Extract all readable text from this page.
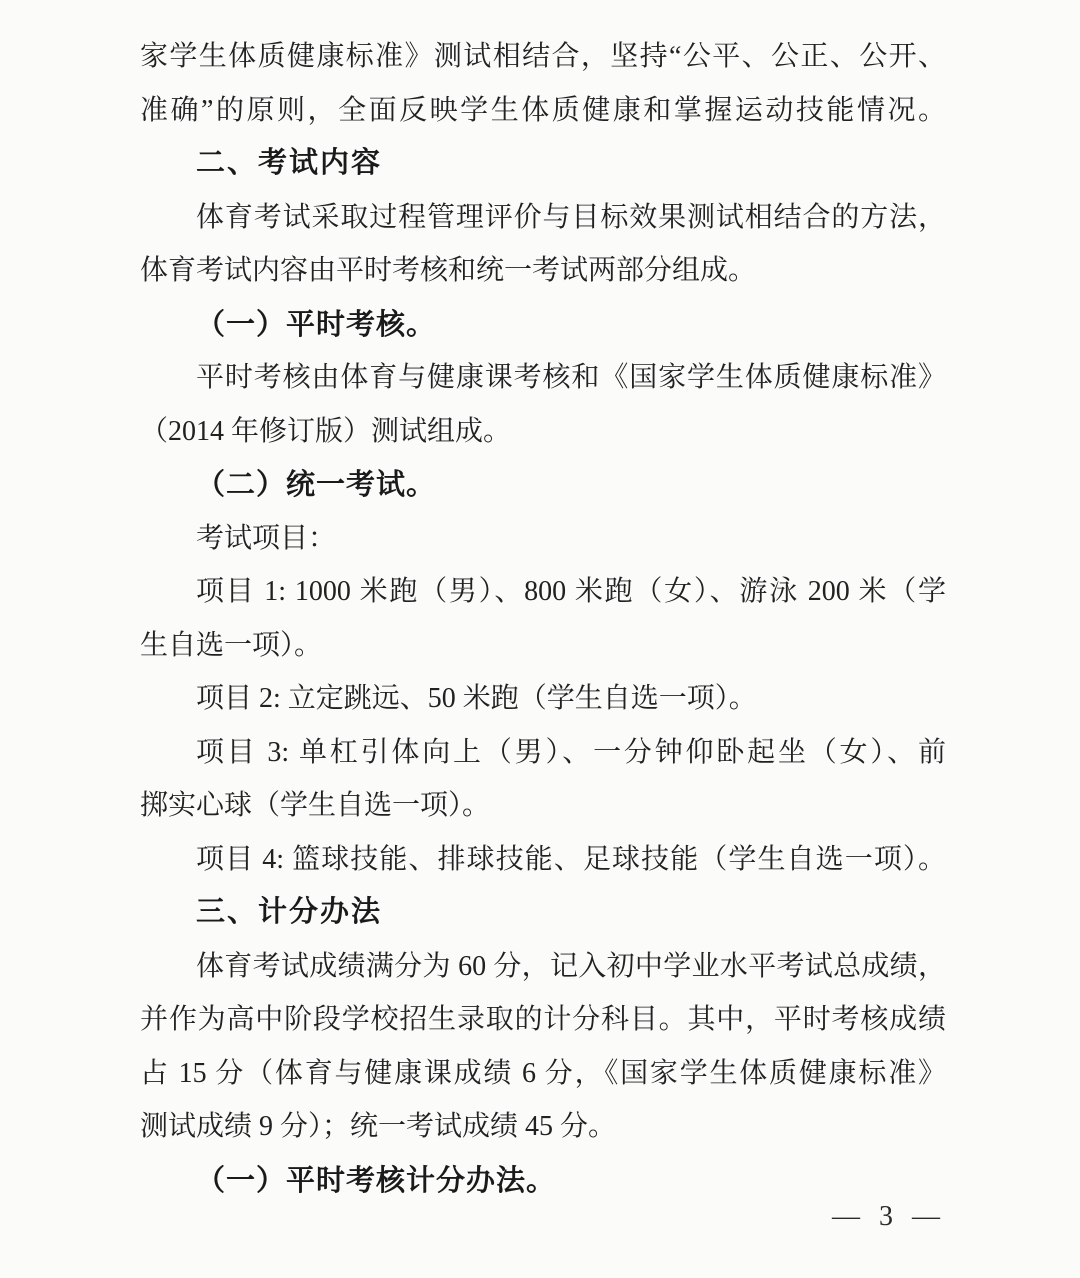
家学生体质健康标准》测试相结合，坚持“公平、公正、公开、
准确”的原则，全面反映学生体质健康和掌握运动技能情况。
二、考试内容
体育考试采取过程管理评价与目标效果测试相结合的方法，
体育考试内容由平时考核和统一考试两部分组成。
（一）平时考核。
平时考核由体育与健康课考核和《国家学生体质健康标准》
（2014 年修订版）测试组成。
（二）统一考试。
考试项目：
项目 1: 1000 米跑（男）、800 米跑（女）、游泳 200 米（学
生自选一项）。
项目 2: 立定跳远、50 米跑（学生自选一项）。
项目 3: 单杠引体向上（男）、一分钟仰卧起坐（女）、前
掷实心球（学生自选一项）。
项目 4: 篮球技能、排球技能、足球技能（学生自选一项）。
三、计分办法
体育考试成绩满分为 60 分，记入初中学业水平考试总成绩，
并作为高中阶段学校招生录取的计分科目。其中，平时考核成绩
占 15 分（体育与健康课成绩 6 分，《国家学生体质健康标准》
测试成绩 9 分）；统一考试成绩 45 分。
（一）平时考核计分办法。
— 3 —
